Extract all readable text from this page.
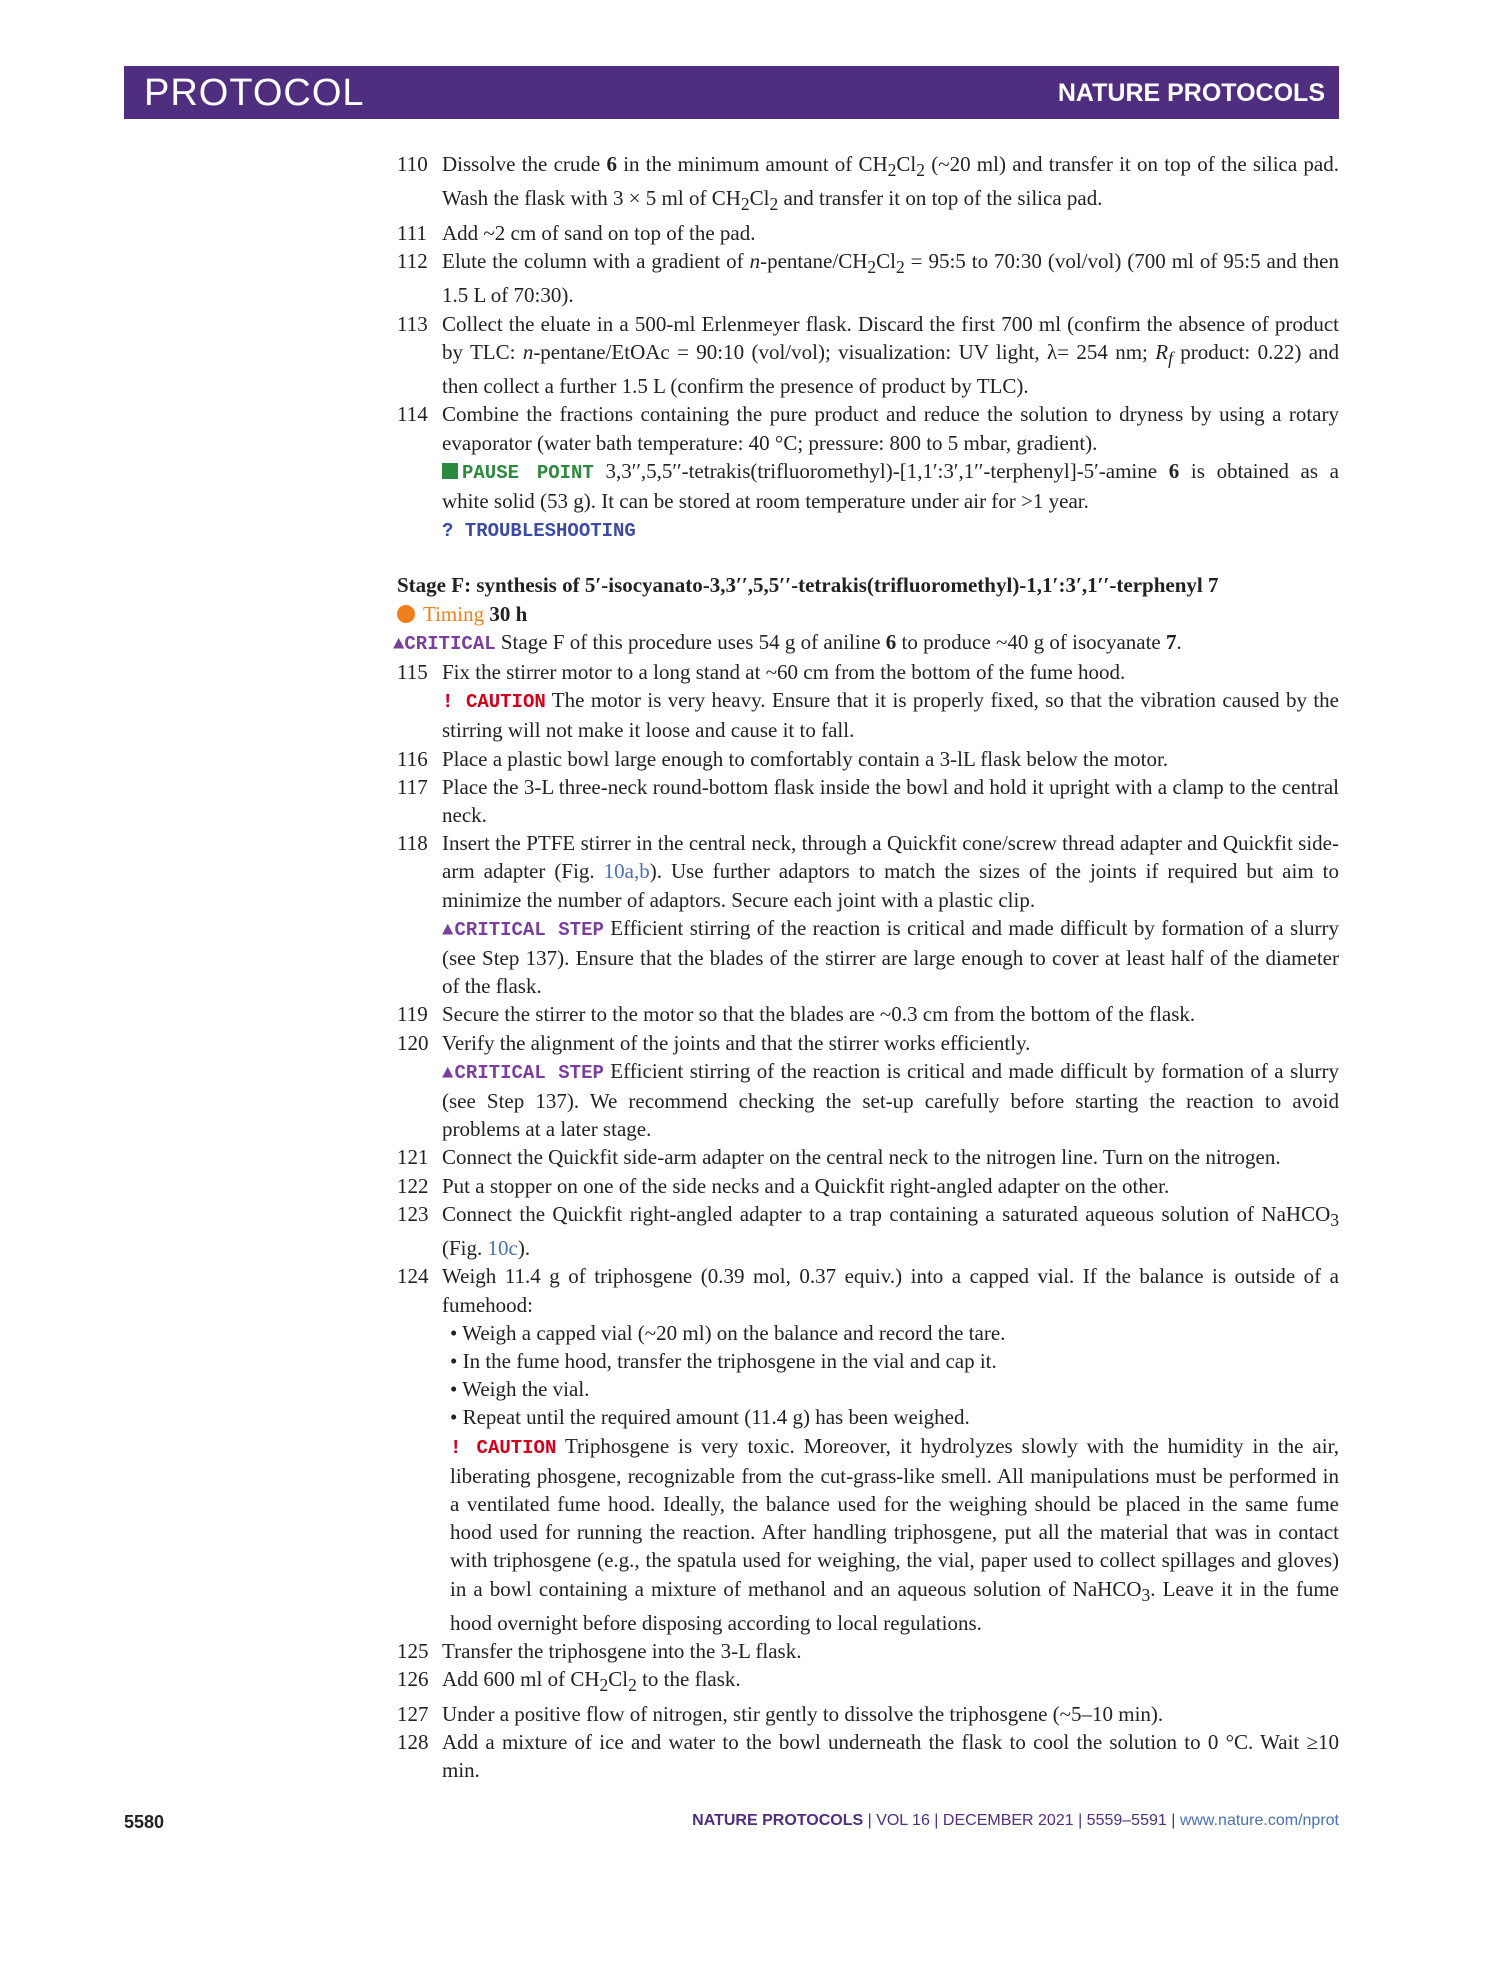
PROTOCOL	NATURE PROTOCOLS
110 Dissolve the crude 6 in the minimum amount of $CH_2Cl_2$ (~20 ml) and transfer it on top of the silica pad. Wash the flask with 3 × 5 ml of $CH_2Cl_2$ and transfer it on top of the silica pad.
111 Add ~2 cm of sand on top of the pad.
112 Elute the column with a gradient of $n-pentane/CH_2Cl_2$ = 95:5 to 70:30 (vol/vol) (700 ml of 95:5 and then 1.5 L of 70:30).
113 Collect the eluate in a 500-ml Erlenmeyer flask. Discard the first 700 ml (confirm the absence of product by TLC: n-pentane/EtOAc = 90:10 (vol/vol); visualization: UV light, λ= 254 nm; $R_f$ product: 0.22) and then collect a further 1.5 L (confirm the presence of product by TLC).
114 Combine the fractions containing the pure product and reduce the solution to dryness by using a rotary evaporator (water bath temperature: 40 °C; pressure: 800 to 5 mbar, gradient).
PAUSE POINT 3,3′′,5,5′′-tetrakis(trifluoromethyl)-[1,1′:3′,1′′-terphenyl]-5′-amine 6 is obtained as a white solid (53 g). It can be stored at room temperature under air for >1 year.
? TROUBLESHOOTING
Stage F: synthesis of 5′-isocyanato-3,3′′,5,5′′-tetrakis(trifluoromethyl)-1,1′:3′,1′′-terphenyl 7
Timing 30 h
▲CRITICAL Stage F of this procedure uses 54 g of aniline 6 to produce ~40 g of isocyanate 7.
115 Fix the stirrer motor to a long stand at ~60 cm from the bottom of the fume hood.
! CAUTION The motor is very heavy. Ensure that it is properly fixed, so that the vibration caused by the stirring will not make it loose and cause it to fall.
116 Place a plastic bowl large enough to comfortably contain a 3-lL flask below the motor.
117 Place the 3-L three-neck round-bottom flask inside the bowl and hold it upright with a clamp to the central neck.
118 Insert the PTFE stirrer in the central neck, through a Quickfit cone/screw thread adapter and Quickfit side-arm adapter (Fig. 10a,b). Use further adaptors to match the sizes of the joints if required but aim to minimize the number of adaptors. Secure each joint with a plastic clip.
▲CRITICAL STEP Efficient stirring of the reaction is critical and made difficult by formation of a slurry (see Step 137). Ensure that the blades of the stirrer are large enough to cover at least half of the diameter of the flask.
119 Secure the stirrer to the motor so that the blades are ~0.3 cm from the bottom of the flask.
120 Verify the alignment of the joints and that the stirrer works efficiently.
▲CRITICAL STEP Efficient stirring of the reaction is critical and made difficult by formation of a slurry (see Step 137). We recommend checking the set-up carefully before starting the reaction to avoid problems at a later stage.
121 Connect the Quickfit side-arm adapter on the central neck to the nitrogen line. Turn on the nitrogen.
122 Put a stopper on one of the side necks and a Quickfit right-angled adapter on the other.
123 Connect the Quickfit right-angled adapter to a trap containing a saturated aqueous solution of NaHCO$_3$ (Fig. 10c).
124 Weigh 11.4 g of triphosgene (0.39 mol, 0.37 equiv.) into a capped vial. If the balance is outside of a fumehood:
• Weigh a capped vial (~20 ml) on the balance and record the tare.
• In the fume hood, transfer the triphosgene in the vial and cap it.
• Weigh the vial.
• Repeat until the required amount (11.4 g) has been weighed.
! CAUTION Triphosgene is very toxic. Moreover, it hydrolyzes slowly with the humidity in the air, liberating phosgene, recognizable from the cut-grass-like smell. All manipulations must be performed in a ventilated fume hood. Ideally, the balance used for the weighing should be placed in the same fume hood used for running the reaction. After handling triphosgene, put all the material that was in contact with triphosgene (e.g., the spatula used for weighing, the vial, paper used to collect spillages and gloves) in a bowl containing a mixture of methanol and an aqueous solution of NaHCO$_3$. Leave it in the fume hood overnight before disposing according to local regulations.
125 Transfer the triphosgene into the 3-L flask.
126 Add 600 ml of $CH_2Cl_2$ to the flask.
127 Under a positive flow of nitrogen, stir gently to dissolve the triphosgene (~5–10 min).
128 Add a mixture of ice and water to the bowl underneath the flask to cool the solution to 0 °C. Wait ≥10 min.
5580	NATURE PROTOCOLS | VOL 16 | DECEMBER 2021 | 5559–5591 | www.nature.com/nprot
